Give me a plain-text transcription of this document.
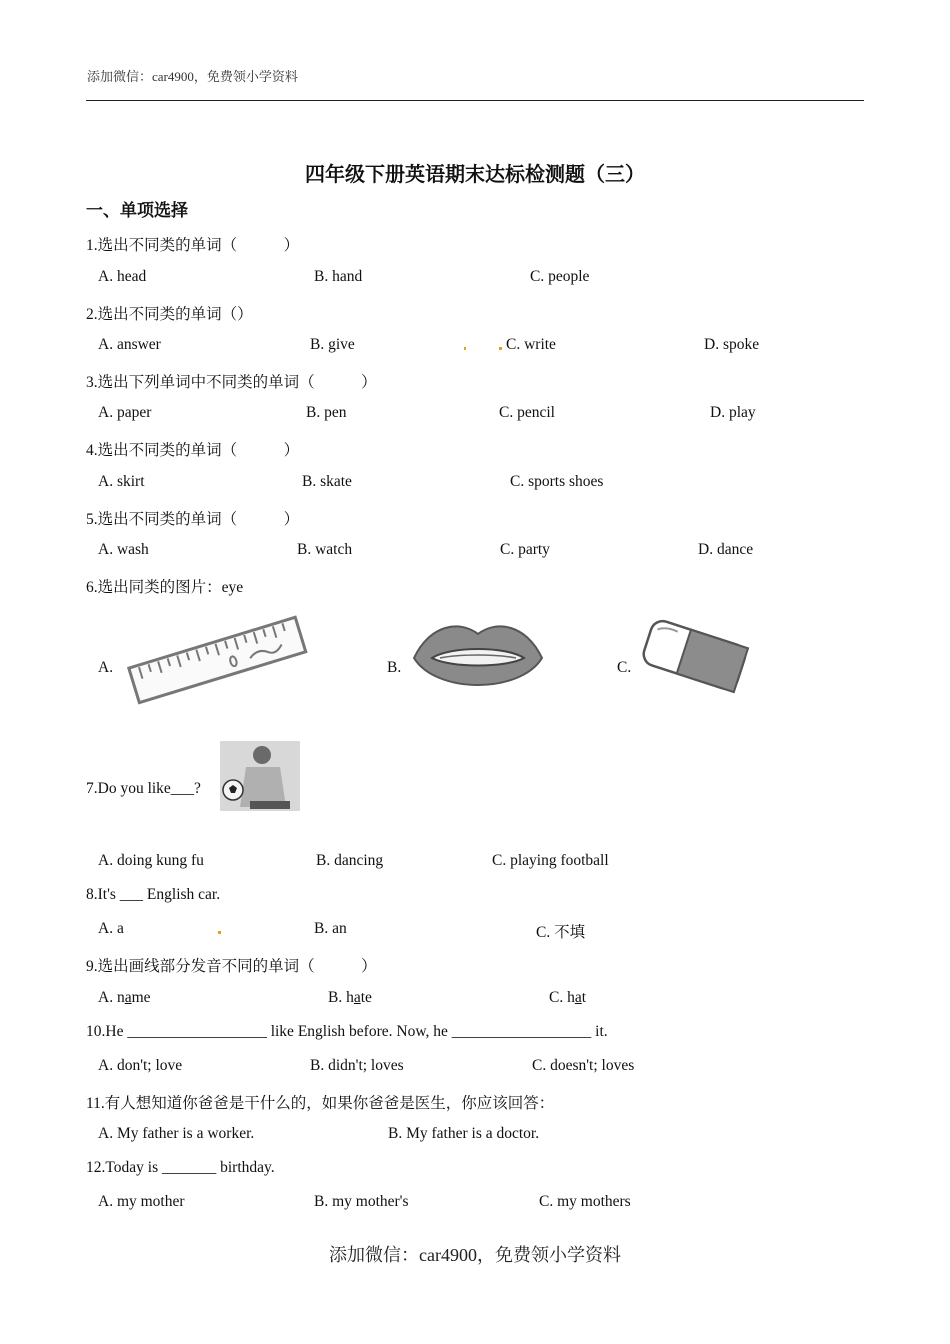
添加微信：car4900，免费领小学资料
四年级下册英语期末达标检测题（三）
一、单项选择
1.选出不同类的单词（　　　）
A. head	B. hand	C. people
2.选出不同类的单词（）
A. answer	B. give	C. write	D. spoke
3.选出下列单词中不同类的单词（　　　）
A. paper	B. pen	C. pencil	D. play
4.选出不同类的单词（　　　）
A. skirt	B. skate	C. sports shoes
5.选出不同类的单词（　　　）
A. wash	B. watch	C. party	D. dance
6.选出同类的图片：eye
A.	B.	C.
7.Do you like___?
A. doing kung fu	B. dancing	C. playing football
8.It's ___ English car.
A. a	B. an	C. 不填
9.选出画线部分发音不同的单词（　　　）
A. name	B. hate	C. hat
10.He __________________ like English before. Now, he __________________ it.
A. don't; love	B. didn't; loves	C. doesn't; loves
11.有人想知道你爸爸是干什么的，如果你爸爸是医生，你应该回答：
A. My father is a worker.	B. My father is a doctor.
12.Today is _______ birthday.
A. my mother	B. my mother's	C. my mothers
添加微信：car4900，免费领小学资料
